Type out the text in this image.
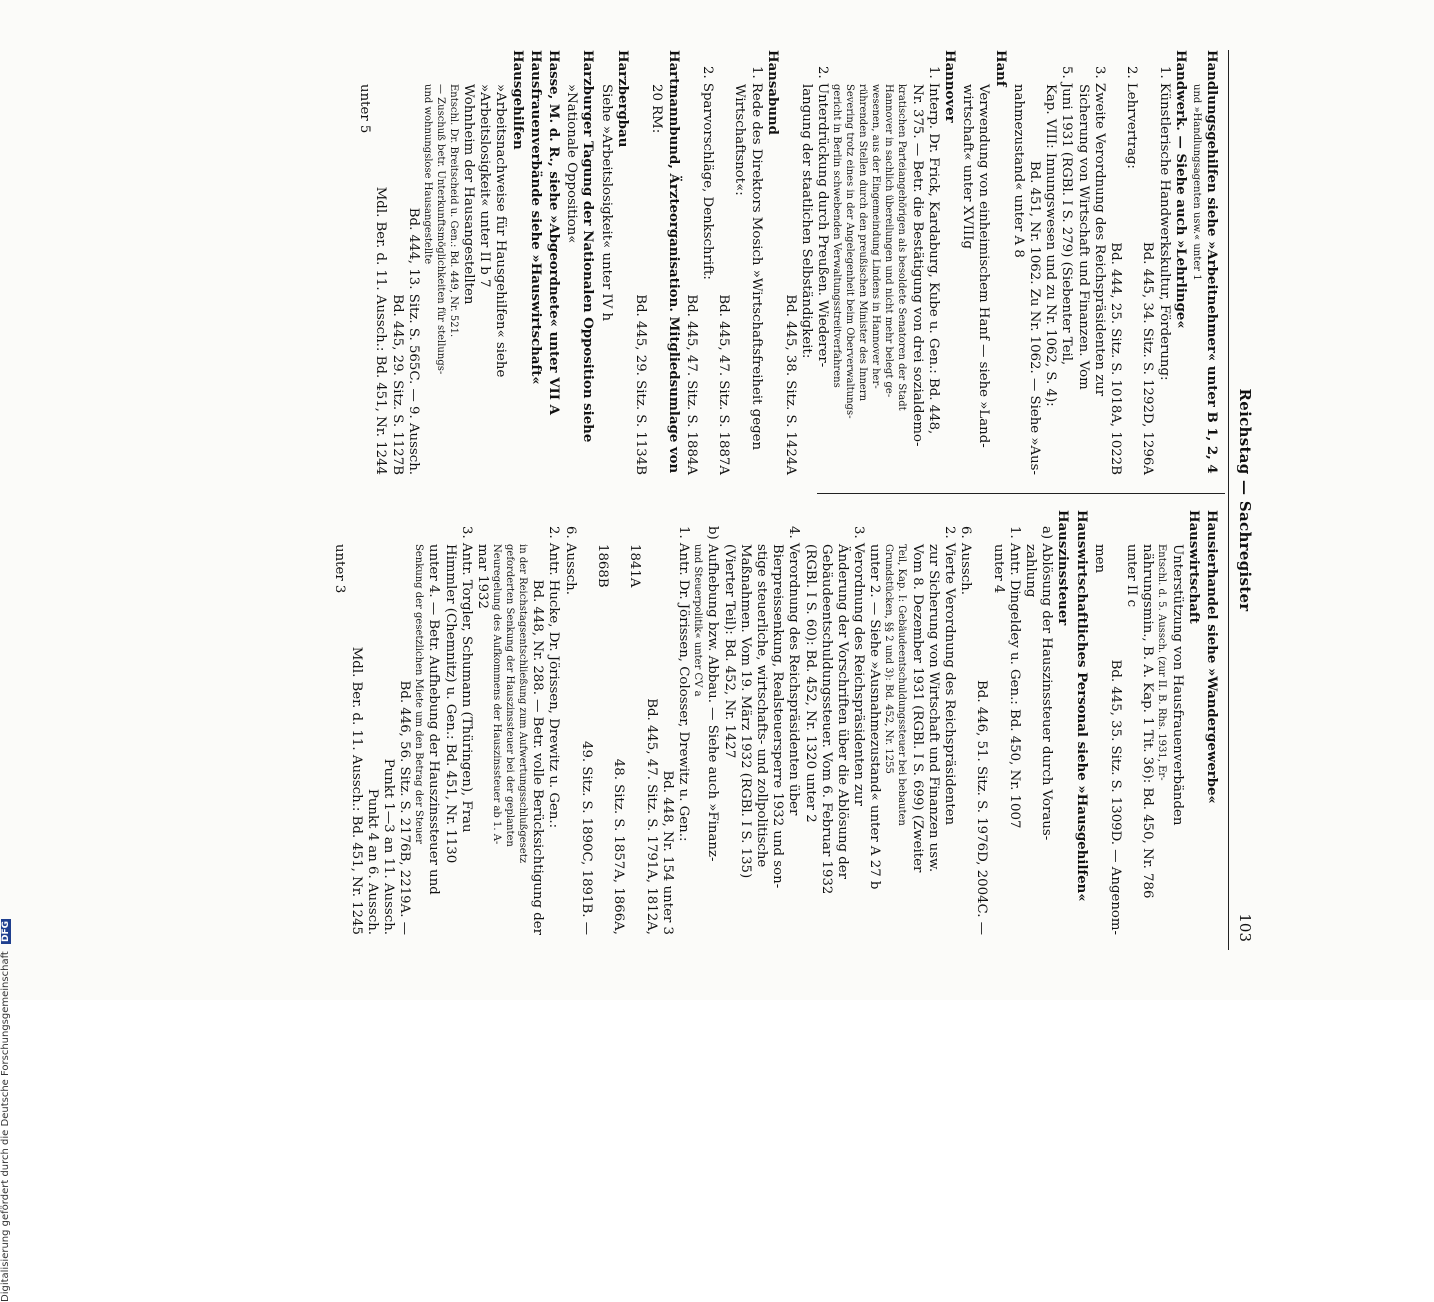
Reichstag — Sachregister
103
Handlungsgehilfen siehe »Arbeitnehmer« unter B 1, 2, 4
und »Handlungsagenten usw.« unter 1
Handwerk. — Siehe auch »Lehrlinge«
1. Künstlerische Handwerkskultur, Förderung:
Bd. 445, 34. Sitz. S. 1292D, 1296A
2. Lehrvertrag:
Bd. 444, 25. Sitz. S. 1018A, 1022B
3. Zweite Verordnung des Reichspräsidenten zur
Sicherung von Wirtschaft und Finanzen. Vom
5. Juni 1931 (RGBl. I S. 279) (Siebenter Teil,
Kap. VIII: Innungswesen und zu Nr. 1062, S. 4):
Bd. 451, Nr. 1062. Zu Nr. 1062. — Siehe »Aus-
nahmezustand« unter A 8
Hanf
Verwendung von einheimischem Hanf — siehe »Land-
wirtschaft« unter XVIIIg
Hannover
1. Interp. Dr. Frick, Kardaburg, Kube u. Gen.: Bd. 448,
Nr. 375. — Betr. die Bestätigung von drei sozialdemo-
kratischen Parteiangehörigen als besoldete Senatoren der Stadt
Hannover in sachlich übereilungen und nicht mehr belegt ge-
wesenen, aus der Eingemeindung Lindens in Hannover her-
rührenden Stellen durch den preußischen Minister des Innern
Severing trotz eines in der Angelegenheit beim Oberverwaltungs-
gericht in Berlin schwebenden Verwaltungsstreitverfahrens
2. Unterdrückung durch Preußen. Wiederer-
langung der staatlichen Selbständigkeit:
Bd. 445, 38. Sitz. S. 1424A
Hansabund
1. Rede des Direktors Mosich »Wirtschaftsfreiheit gegen
Wirtschaftsnot«:
Bd. 445, 47. Sitz. S. 1887A
2. Sparvorschläge, Denkschrift:
Bd. 445, 47. Sitz. S. 1884A
Hartmannbund, Ärzteorganisation. Mitgliedsumlage von
20 RM:
Bd. 445, 29. Sitz. S. 1134B
Harzbergbau
Siehe »Arbeitslosigkeit« unter IV h
Harzburger Tagung der Nationalen Opposition siehe
»Nationale Opposition«
Hasse, M. d. R., siehe »Abgeordnete« unter VII A
Hausfrauenverbände siehe »Hauswirtschaft«
Hausgehilfen
»Arbeitsnachweise für Hausgehilfen« siehe
»Arbeitslosigkeit« unter II b 7
Wohnheim der Hausangestellten
Entschl. Dr. Breitscheid u. Gen.: Bd. 449, Nr. 521.
— Zuschuß betr. Unterkunftsmöglichkeiten für stellungs-
und wohnungslose Hausangestellte
Bd. 444, 13. Sitz. S. 565C. — 9. Aussch.
Bd. 445, 29. Sitz. S. 1127B
Mdl. Ber. d. 11. Aussch.: Bd. 451, Nr. 1244
unter 5
Hausierhandel siehe »Wandergewerbe«
Hauswirtschaft
Unterstützung von Hausfrauenverbänden
Entschl. d. 5. Aussch. (zur II. B. Rhs. 1931, Er-
nährungsmin., B. A. Kap. 1 Tit. 36): Bd. 450, Nr. 786
unter II c
Bd. 445, 35. Sitz. S. 1309D. — Angenom-
men
Hauswirtschaftliches Personal siehe »Hausgehilfen«
Hauszinssteuer
a) Ablösung der Hauszinssteuer durch Voraus-
zahlung
1. Antr. Dingeldey u. Gen.: Bd. 450, Nr. 1007
unter 4
Bd. 446, 51. Sitz. S. 1976D, 2004C. —
6. Aussch.
2. Vierte Verordnung des Reichspräsidenten
zur Sicherung von Wirtschaft und Finanzen usw.
Vom 8. Dezember 1931 (RGBl. I S. 699) (Zweiter
Teil, Kap. I: Gebäudeentschuldungssteuer bei bebauten
Grundstücken, §§ 2 und 3): Bd. 452, Nr. 1255
unter 2. — Siehe »Ausnahmezustand« unter A 27 b
3. Verordnung des Reichspräsidenten zur
Änderung der Vorschriften über die Ablösung der
Gebäudeentschuldungssteuer. Vom 6. Februar 1932
(RGBl. I S. 60): Bd. 452, Nr. 1320 unter 2
4. Verordnung des Reichspräsidenten über
Bierpreissenkung, Realsteuersperre 1932 und son-
stige steuerliche, wirtschafts- und zollpolitische
Maßnahmen. Vom 19. März 1932 (RGBl. I S. 135)
(Vierter Teil): Bd. 452, Nr. 1427
b) Aufhebung bzw. Abbau. — Siehe auch »Finanz-
und Steuerpolitik« unter CV a
1. Antr. Dr. Jörissen, Colosser, Drewitz u. Gen.:
Bd. 448, Nr. 154 unter 3
Bd. 445, 47. Sitz. S. 1791A, 1812A,
1841A
48. Sitz. S. 1857A, 1866A,
1868B
49. Sitz. S. 1890C, 1891B. —
6. Aussch.
2. Antr. Hucke, Dr. Jörissen, Drewitz u. Gen.:
Bd. 448, Nr. 288. — Betr. volle Berücksichtigung der
in der Reichstagsentschließung zum Aufwertungsschlußgesetz
geforderten Senkung der Hauszinssteuer bei der geplanten
Neuregelung des Aufkommens der Hauszinssteuer ab 1. A-
mar 1932
3. Antr. Torgler, Schumann (Thüringen), Frau
Himmler (Chemnitz) u. Gen.: Bd. 451, Nr. 1130
unter 4. — Betr. Aufhebung der Hauszinssteuer und
Senkung der gesetzlichen Miete um den Betrag der Steuer
Bd. 446, 56. Sitz. S. 2176B, 2219A. —
Punkt 1—3 an 11. Aussch.
Punkt 4 an 6. Aussch.
Mdl. Ber. d. 11. Aussch.: Bd. 451, Nr. 1245
unter 3
Digitalisierung gefördert durch die Deutsche Forschungsgemeinschaft DFG
